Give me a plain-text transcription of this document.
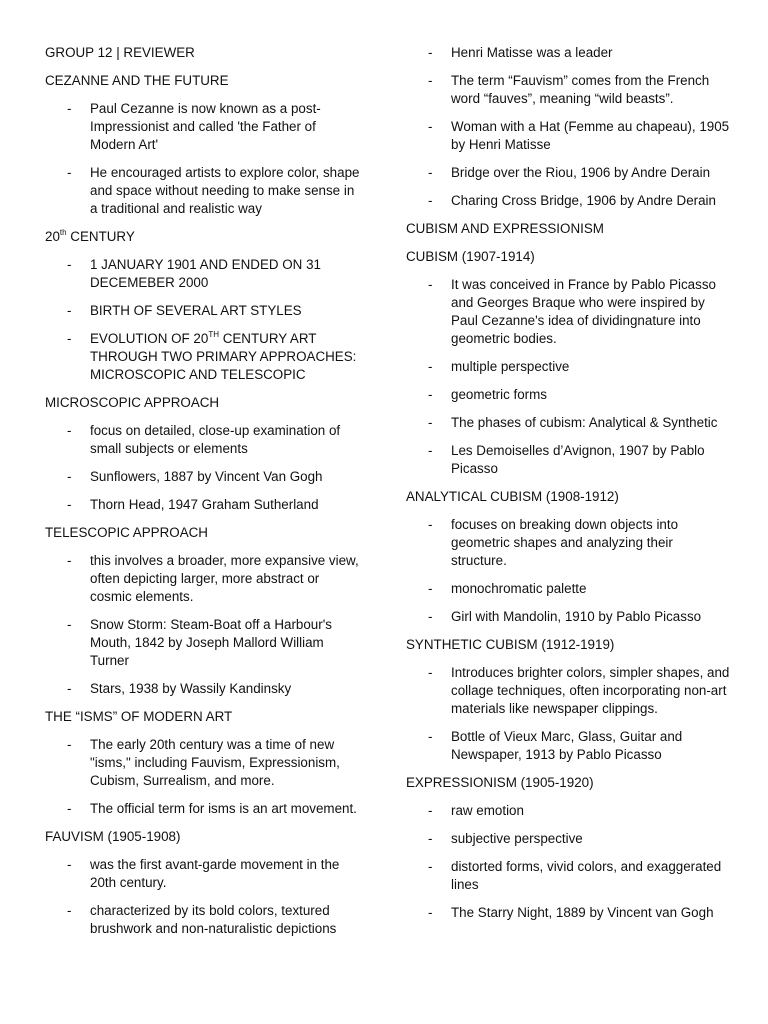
GROUP 12 | REVIEWER
CEZANNE AND THE FUTURE
- Paul Cezanne is now known as a post-Impressionist and called 'the Father of Modern Art'
- He encouraged artists to explore color, shape and space without needing to make sense in a traditional and realistic way
20th CENTURY
- 1 JANUARY 1901 AND ENDED ON 31 DECEMEBER 2000
- BIRTH OF SEVERAL ART STYLES
- EVOLUTION OF 20TH CENTURY ART THROUGH TWO PRIMARY APPROACHES: MICROSCOPIC AND TELESCOPIC
MICROSCOPIC APPROACH
- focus on detailed, close-up examination of small subjects or elements
- Sunflowers, 1887 by Vincent Van Gogh
- Thorn Head, 1947 Graham Sutherland
TELESCOPIC APPROACH
- this involves a broader, more expansive view, often depicting larger, more abstract or cosmic elements.
- Snow Storm: Steam-Boat off a Harbour's Mouth, 1842 by Joseph Mallord William Turner
- Stars, 1938 by Wassily Kandinsky
THE “ISMS” OF MODERN ART
- The early 20th century was a time of new "isms," including Fauvism, Expressionism, Cubism, Surrealism, and more.
- The official term for isms is an art movement.
FAUVISM (1905-1908)
- was the first avant-garde movement in the 20th century.
- characterized by its bold colors, textured brushwork and non-naturalistic depictions
- Henri Matisse was a leader
- The term “Fauvism” comes from the French word “fauves”, meaning “wild beasts”.
- Woman with a Hat (Femme au chapeau), 1905 by Henri Matisse
- Bridge over the Riou, 1906 by Andre Derain
- Charing Cross Bridge, 1906 by Andre Derain
CUBISM AND EXPRESSIONISM
CUBISM (1907-1914)
- It was conceived in France by Pablo Picasso and Georges Braque who were inspired by Paul Cezanne's idea of dividingnature into geometric bodies.
- multiple perspective
- geometric forms
- The phases of cubism: Analytical & Synthetic
- Les Demoiselles d’Avignon, 1907 by Pablo Picasso
ANALYTICAL CUBISM (1908-1912)
- focuses on breaking down objects into geometric shapes and analyzing their structure.
- monochromatic palette
- Girl with Mandolin, 1910 by Pablo Picasso
SYNTHETIC CUBISM (1912-1919)
- Introduces brighter colors, simpler shapes, and collage techniques, often incorporating non-art materials like newspaper clippings.
- Bottle of Vieux Marc, Glass, Guitar and Newspaper, 1913 by Pablo Picasso
EXPRESSIONISM (1905-1920)
- raw emotion
- subjective perspective
- distorted forms, vivid colors, and exaggerated lines
- The Starry Night, 1889 by Vincent van Gogh
